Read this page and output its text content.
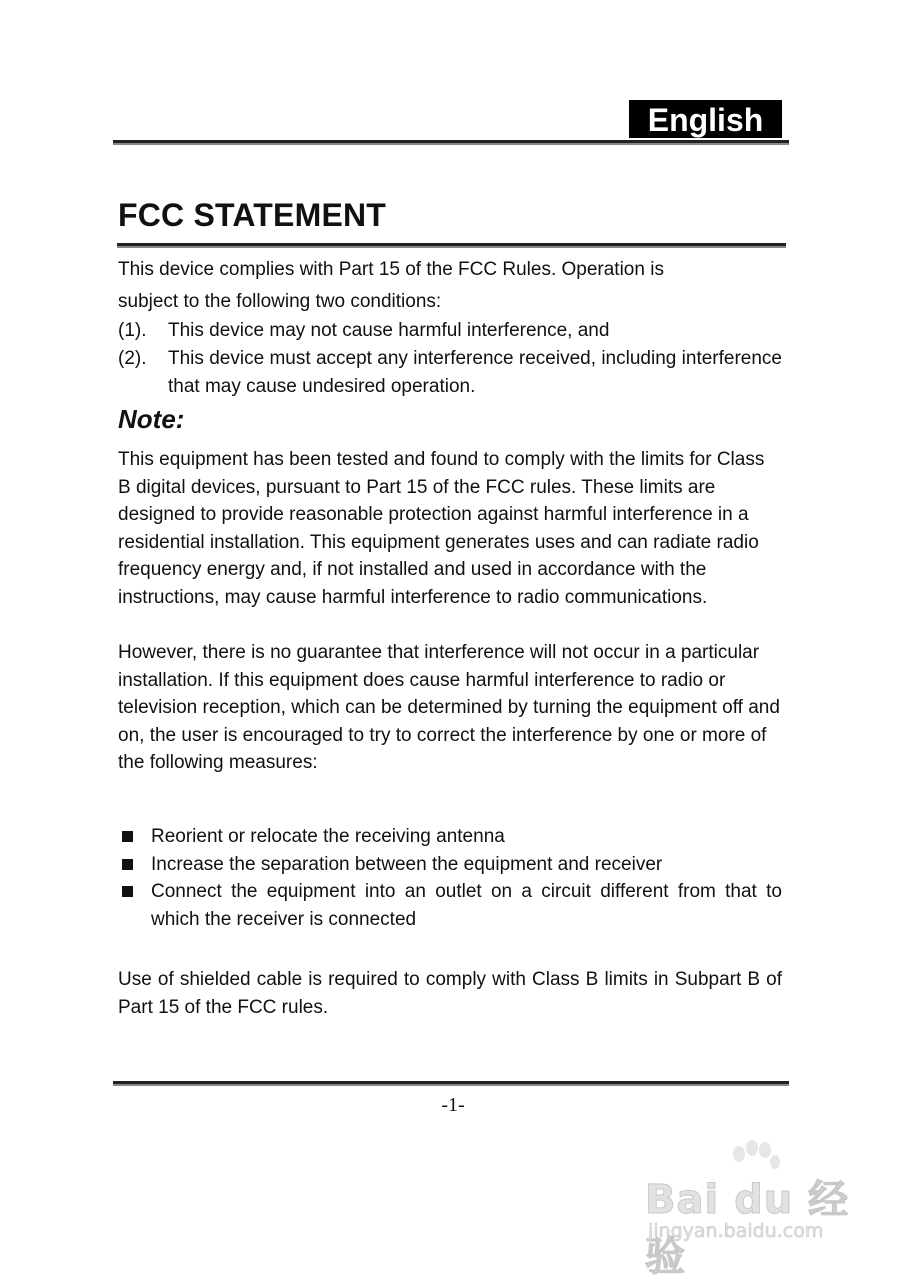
English
FCC STATEMENT

This device complies with Part 15 of the FCC Rules. Operation is

subject to the following two conditions:

(1). This device may not cause harmful interference, and
(2). This device must accept any interference received, including interference that may cause undesired operation.
Note:

This equipment has been tested and found to comply with the limits for Class B digital devices, pursuant to Part 15 of the FCC rules. These limits are designed to provide reasonable protection against harmful interference in a residential installation. This equipment generates uses and can radiate radio frequency energy and, if not installed and used in accordance with the instructions, may cause harmful interference to radio communications.

However, there is no guarantee that interference will not occur in a particular installation. If this equipment does cause harmful interference to radio or television reception, which can be determined by turning the equipment off and on, the user is encouraged to try to correct the interference by one or more of the following measures:

Reorient or relocate the receiving antenna
Increase the separation between the equipment and receiver
Connect the equipment into an outlet on a circuit different from that to which the receiver is connected

Use of shielded cable is required to comply with Class B limits in Subpart B of Part 15 of the FCC rules.

-1-
Bai du 经验
jingyan.baidu.com
